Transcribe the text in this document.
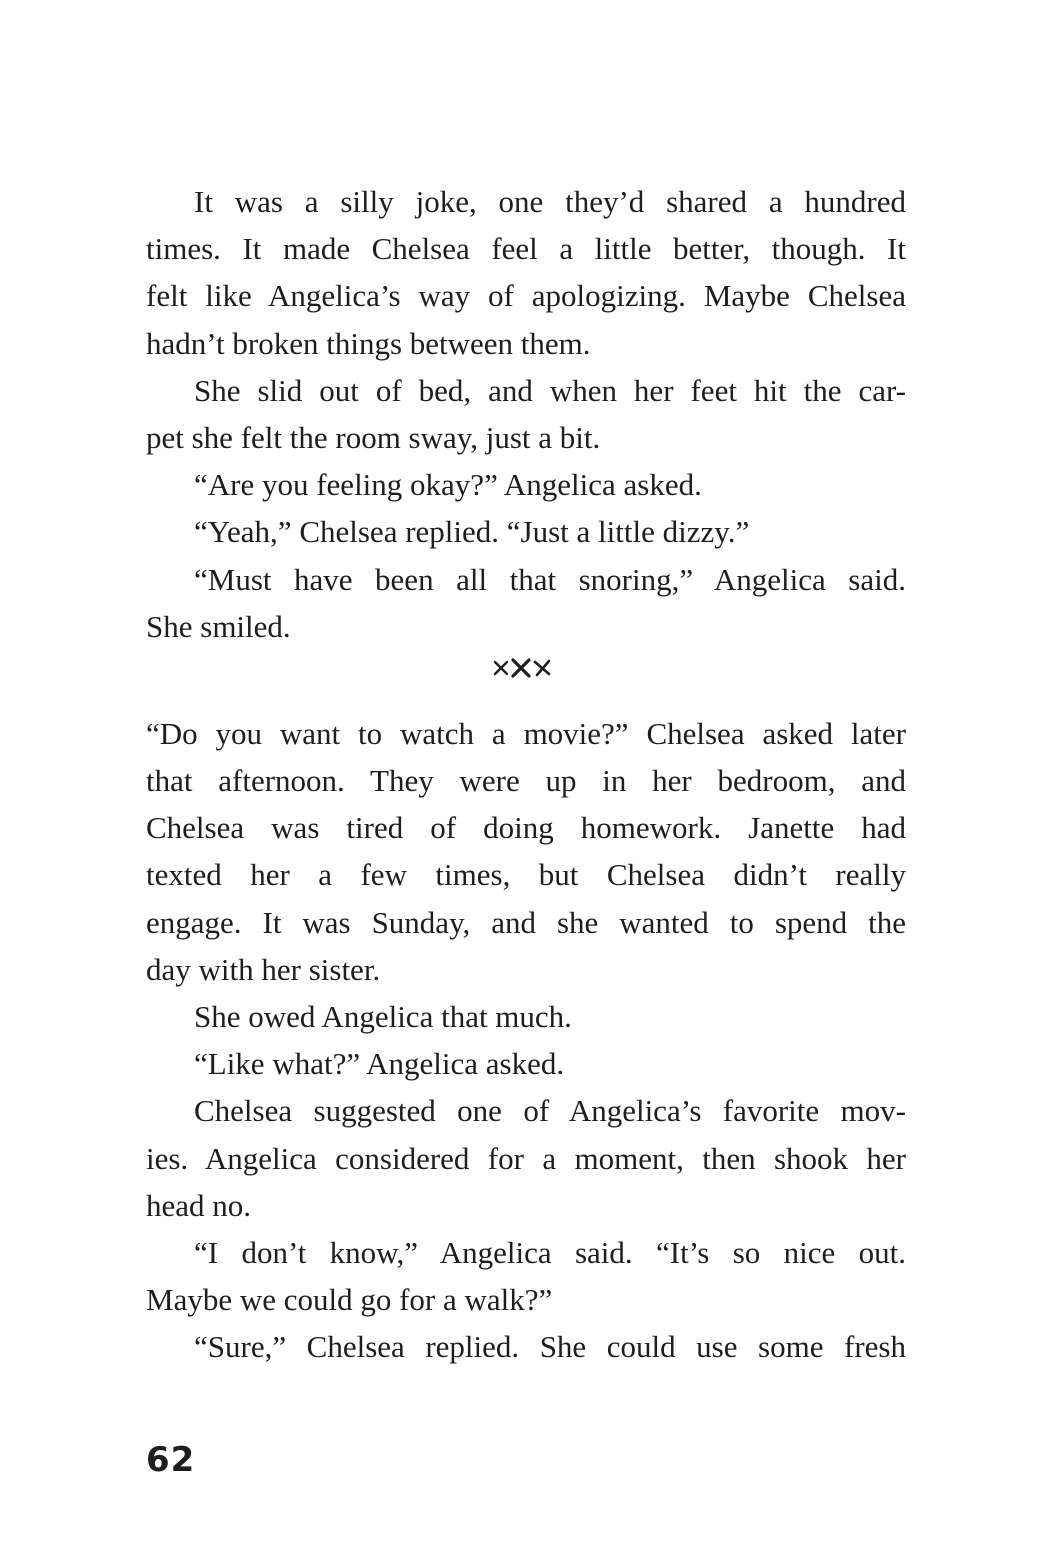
It was a silly joke, one they’d shared a hundred
times. It made Chelsea feel a little better, though. It
felt like Angelica’s way of apologizing. Maybe Chelsea
hadn’t broken things between them.
She slid out of bed, and when her feet hit the car-
pet she felt the room sway, just a bit.
“Are you feeling okay?” Angelica asked.
“Yeah,” Chelsea replied. “Just a little dizzy.”
“Must have been all that snoring,” Angelica said.
She smiled.
“Do you want to watch a movie?” Chelsea asked later
that afternoon. They were up in her bedroom, and
Chelsea was tired of doing homework. Janette had
texted her a few times, but Chelsea didn’t really
engage. It was Sunday, and she wanted to spend the
day with her sister.
She owed Angelica that much.
“Like what?” Angelica asked.
Chelsea suggested one of Angelica’s favorite mov-
ies. Angelica considered for a moment, then shook her
head no.
“I don’t know,” Angelica said. “It’s so nice out.
Maybe we could go for a walk?”
“Sure,” Chelsea replied. She could use some fresh
62
